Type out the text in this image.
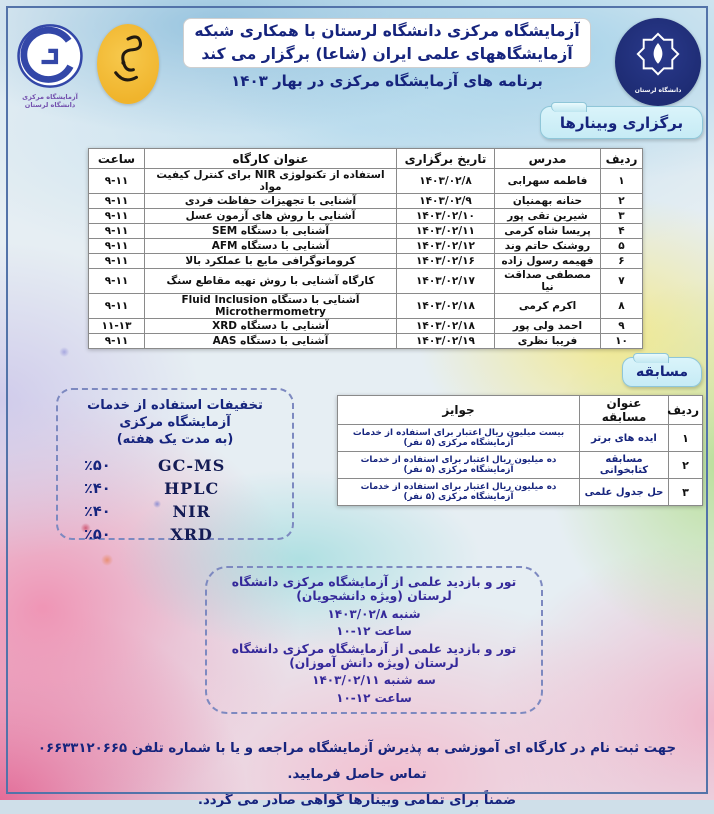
دانشگاه لرستان
آزمایشگاه مرکزی دانشگاه لرستان با همکاری شبکه
آزمایشگاههای علمی ایران (شاعا) برگزار می کند
برنامه های آزمایشگاه مرکزی در بهار ۱۴۰۳
آزمایشگاه مرکزی
دانشگاه لرستان
برگزاری وبینارها
ردیف	مدرس	تاریخ برگزاری	عنوان کارگاه	ساعت
۱	فاطمه سهرابی	۱۴۰۳/۰۲/۸	استفاده از تکنولوژی NIR برای کنترل کیفیت مواد	۹-۱۱
۲	حنانه بهمنیان	۱۴۰۳/۰۲/۹	آشنایی با تجهیزات حفاظت فردی	۹-۱۱
۳	شیرین تقی پور	۱۴۰۳/۰۲/۱۰	آشنایی با روش های آزمون عسل	۹-۱۱
۴	پریسا شاه کرمی	۱۴۰۳/۰۲/۱۱	آشنایی با دستگاه SEM	۹-۱۱
۵	روشنک حاتم وند	۱۴۰۳/۰۲/۱۲	آشنایی با دستگاه AFM	۹-۱۱
۶	فهیمه رسول زاده	۱۴۰۳/۰۲/۱۶	کروماتوگرافی مایع با عملکرد بالا	۹-۱۱
۷	مصطفی صداقت نیا	۱۴۰۳/۰۲/۱۷	کارگاه آشنایی با روش تهیه مقاطع سنگ	۹-۱۱
۸	اکرم کرمی	۱۴۰۳/۰۲/۱۸	آشنایی با دستگاه Fluid Inclusion Microthermometry	۹-۱۱
۹	احمد ولی پور	۱۴۰۳/۰۲/۱۸	آشنایی با دستگاه XRD	۱۱-۱۳
۱۰	فریبا نظری	۱۴۰۳/۰۲/۱۹	آشنایی با دستگاه AAS	۹-۱۱
مسابقه
ردیف	عنوان مسابقه	جوایز
۱	ایده های برتر	بیست میلیون ریال اعتبار برای استفاده از خدمات آزمایشگاه مرکزی (۵ نفر)
۲	مسابقه کتابخوانی	ده میلیون ریال اعتبار برای استفاده از خدمات آزمایشگاه مرکزی (۵ نفر)
۳	حل جدول علمی	ده میلیون ریال اعتبار برای استفاده از خدمات آزمایشگاه مرکزی (۵ نفر)
تخفیفات استفاده از خدمات آزمایشگاه مرکزی
(به مدت یک هفته)
٪۵۰	GC-MS
٪۴۰	HPLC
٪۴۰	NIR
٪۵۰	XRD
تور و بازدید علمی از آزمایشگاه مرکزی دانشگاه لرستان (ویژه دانشجویان)
شنبه ۱۴۰۳/۰۲/۸
ساعت ۱۰-۱۲
تور و بازدید علمی از آزمایشگاه مرکزی دانشگاه لرستان (ویژه دانش آموزان)
سه شنبه ۱۴۰۳/۰۲/۱۱
ساعت ۱۰-۱۲
جهت ثبت نام در کارگاه ای آموزشی به پذیرش آزمایشگاه مراجعه و یا با شماره تلفن ۰۶۶۳۳۱۲۰۶۶۵ تماس حاصل فرمایید.
ضمناً برای تمامی وبینارها گواهی صادر می گردد.
